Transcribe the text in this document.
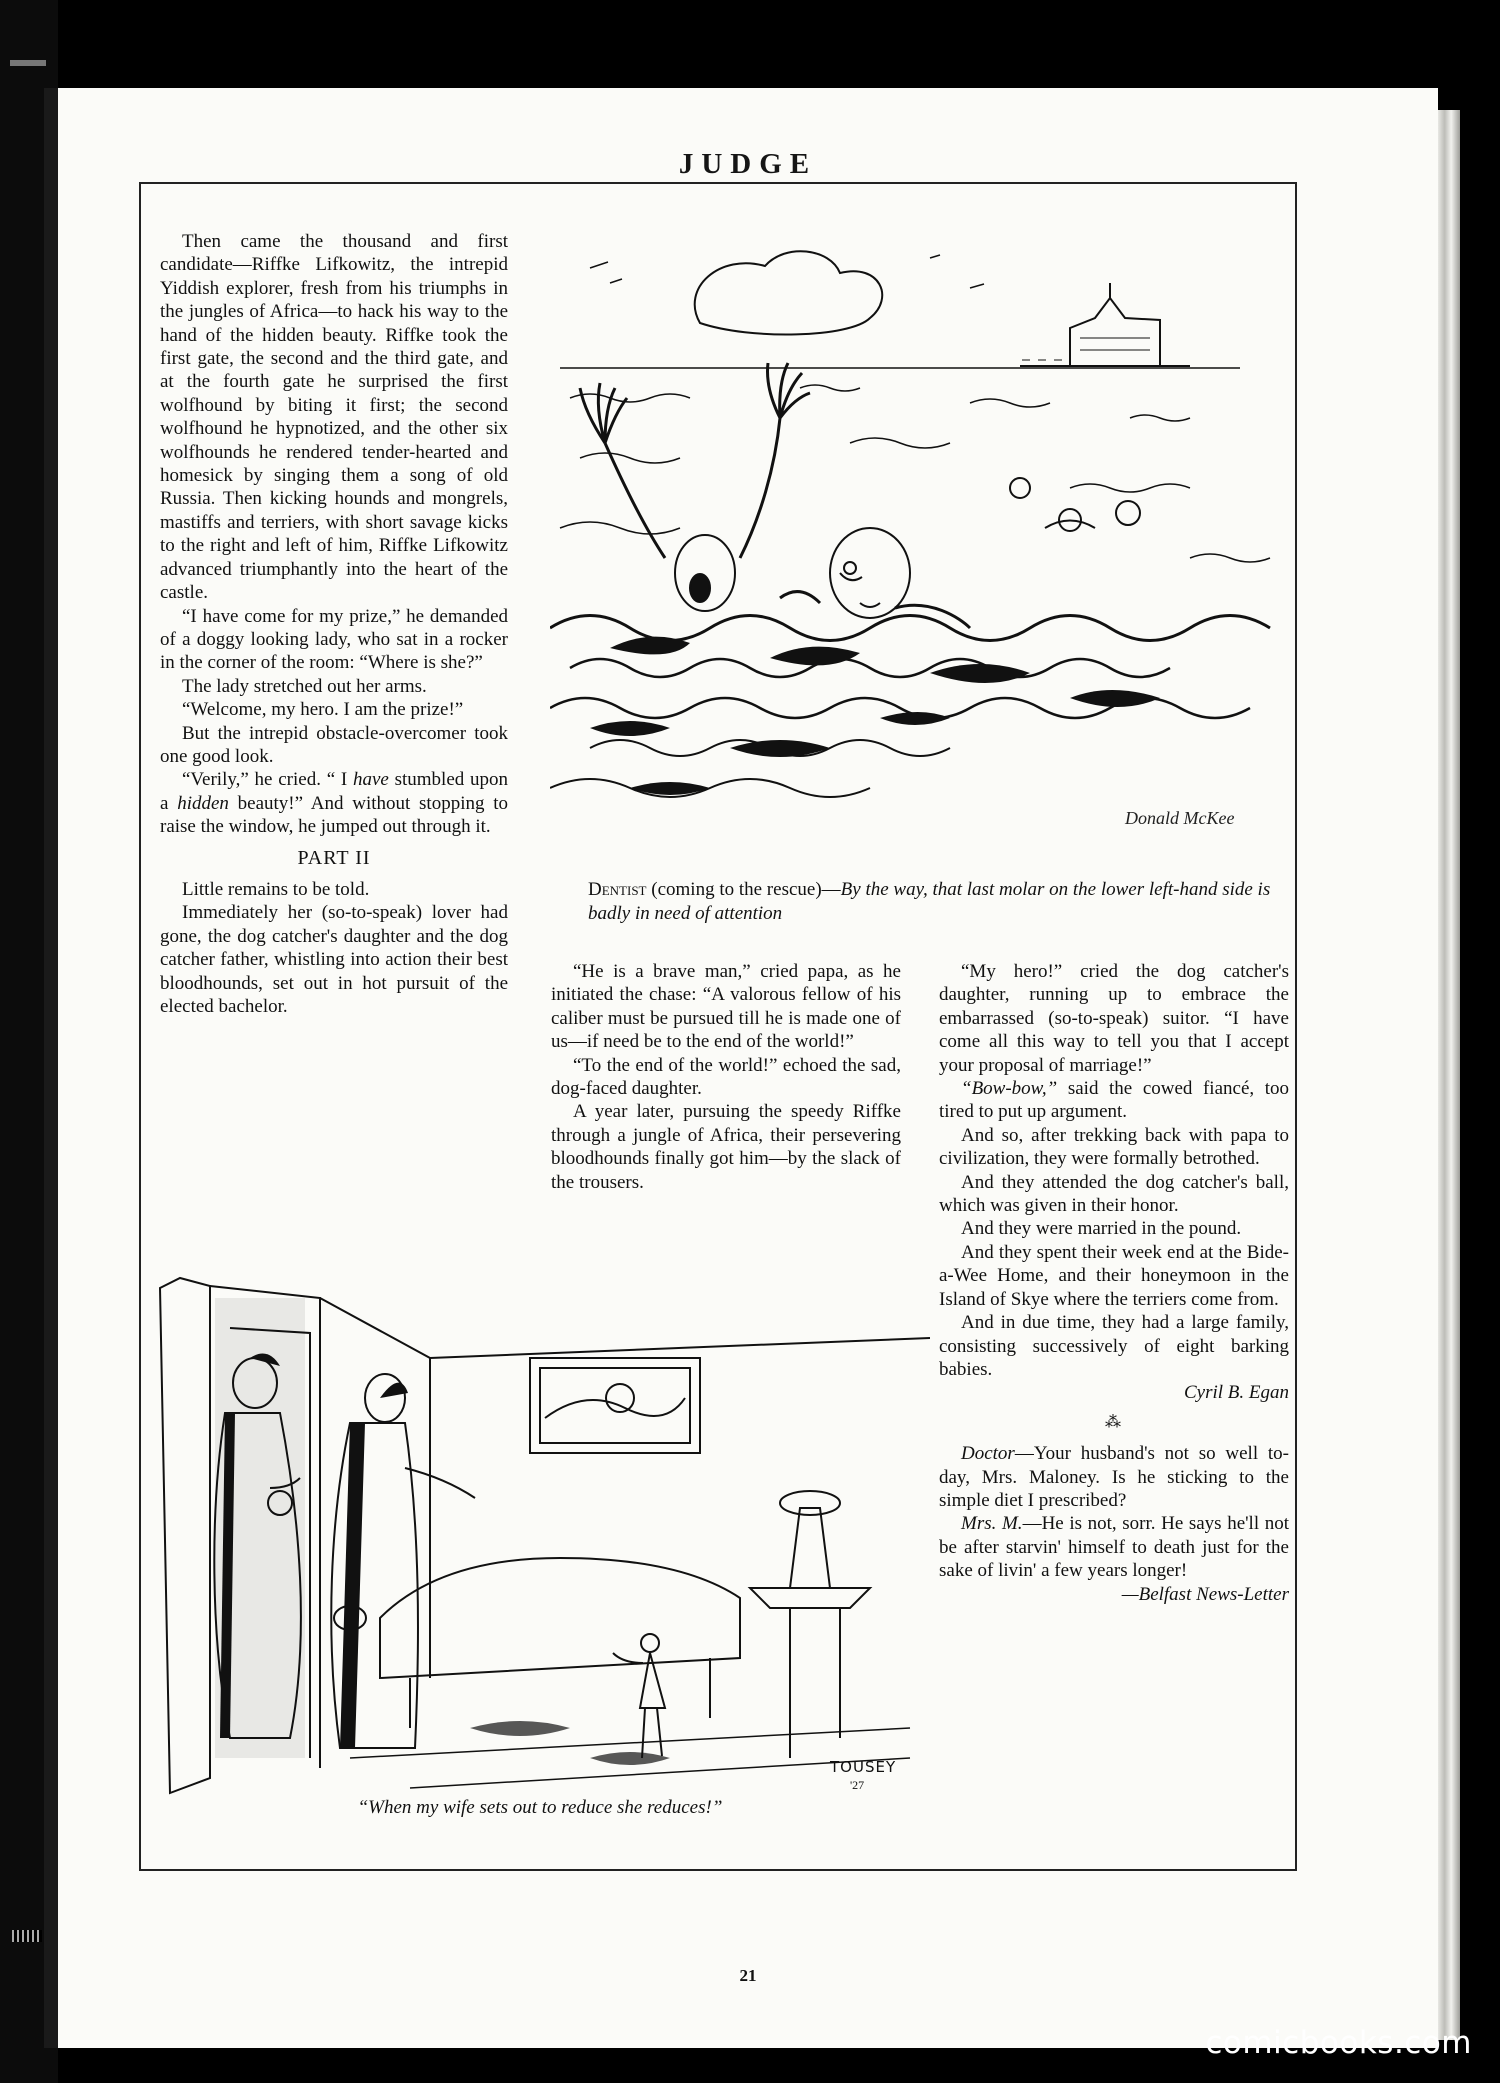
JUDGE
21

Then came the thousand and first candidate—Riffke Lifkowitz, the intrepid Yiddish explorer, fresh from his triumphs in the jungles of Africa—to hack his way to the hand of the hidden beauty. Riffke took the first gate, the second and the third gate, and at the fourth gate he surprised the first wolfhound by biting it first; the second wolfhound he hypnotized, and the other six wolfhounds he rendered tender-hearted and homesick by singing them a song of old Russia. Then kicking hounds and mongrels, mastiffs and terriers, with short savage kicks to the right and left of him, Riffke Lifkowitz advanced triumphantly into the heart of the castle.

“I have come for my prize,” he demanded of a doggy looking lady, who sat in a rocker in the corner of the room: “Where is she?”

The lady stretched out her arms.

“Welcome, my hero. I am the prize!”

But the intrepid obstacle-overcomer took one good look.

“Verily,” he cried. “ I have stumbled upon a hidden beauty!” And without stopping to raise the window, he jumped out through it.

PART II

Little remains to be told.

Immediately her (so-to-speak) lover had gone, the dog catcher's daughter and the dog catcher father, whistling into action their best bloodhounds, set out in hot pursuit of the elected bachelor.

Donald McKee
Dentist (coming to the rescue)—By the way, that last molar on the lower left-hand side is badly in need of attention

“He is a brave man,” cried papa, as he initiated the chase: “A valorous fellow of his caliber must be pursued till he is made one of us—if need be to the end of the world!”

“To the end of the world!” echoed the sad, dog-faced daughter.

A year later, pursuing the speedy Riffke through a jungle of Africa, their persevering bloodhounds finally got him—by the slack of the trousers.

“My hero!” cried the dog catcher's daughter, running up to embrace the embarrassed (so-to-speak) suitor. “I have come all this way to tell you that I accept your proposal of marriage!”

“Bow-bow,” said the cowed fiancé, too tired to put up argument.

And so, after trekking back with papa to civilization, they were formally betrothed.

And they attended the dog catcher's ball, which was given in their honor.

And they were married in the pound.

And they spent their week end at the Bide-a-Wee Home, and their honeymoon in the Island of Skye where the terriers come from.

And in due time, they had a large family, consisting successively of eight barking babies.

Cyril B. Egan

⁂

Doctor—Your husband's not so well to-day, Mrs. Maloney. Is he sticking to the simple diet I prescribed?

Mrs. M.—He is not, sorr. He says he'll not be after starvin' himself to death just for the sake of livin' a few years longer!

—Belfast News-Letter

TOUSEY
'27
“When my wife sets out to reduce she reduces!”
comicbooks.com
